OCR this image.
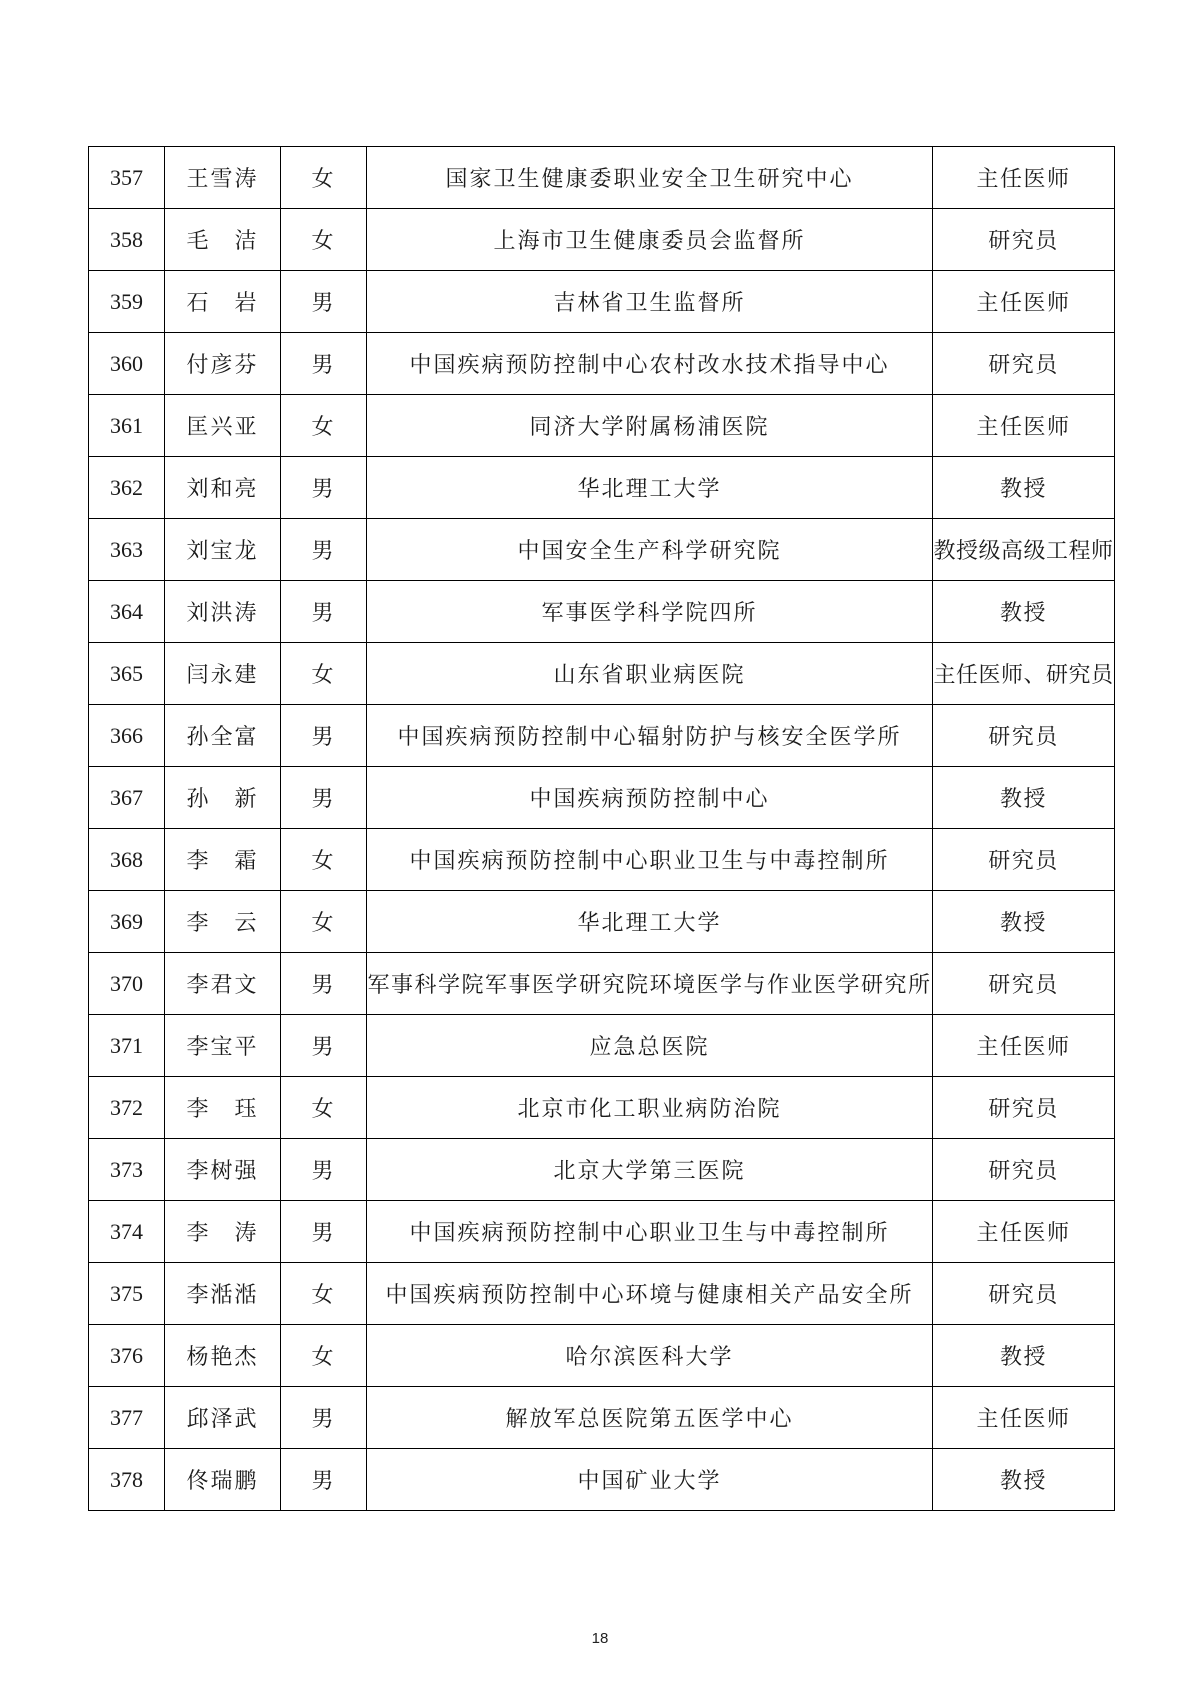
357	王雪涛	女	国家卫生健康委职业安全卫生研究中心	主任医师
358	毛　洁	女	上海市卫生健康委员会监督所	研究员
359	石　岩	男	吉林省卫生监督所	主任医师
360	付彦芬	男	中国疾病预防控制中心农村改水技术指导中心	研究员
361	匡兴亚	女	同济大学附属杨浦医院	主任医师
362	刘和亮	男	华北理工大学	教授
363	刘宝龙	男	中国安全生产科学研究院	教授级高级工程师
364	刘洪涛	男	军事医学科学院四所	教授
365	闫永建	女	山东省职业病医院	主任医师、研究员
366	孙全富	男	中国疾病预防控制中心辐射防护与核安全医学所	研究员
367	孙　新	男	中国疾病预防控制中心	教授
368	李　霜	女	中国疾病预防控制中心职业卫生与中毒控制所	研究员
369	李　云	女	华北理工大学	教授
370	李君文	男	军事科学院军事医学研究院环境医学与作业医学研究所	研究员
371	李宝平	男	应急总医院	主任医师
372	李　珏	女	北京市化工职业病防治院	研究员
373	李树强	男	北京大学第三医院	研究员
374	李　涛	男	中国疾病预防控制中心职业卫生与中毒控制所	主任医师
375	李湉湉	女	中国疾病预防控制中心环境与健康相关产品安全所	研究员
376	杨艳杰	女	哈尔滨医科大学	教授
377	邱泽武	男	解放军总医院第五医学中心	主任医师
378	佟瑞鹏	男	中国矿业大学	教授
18
